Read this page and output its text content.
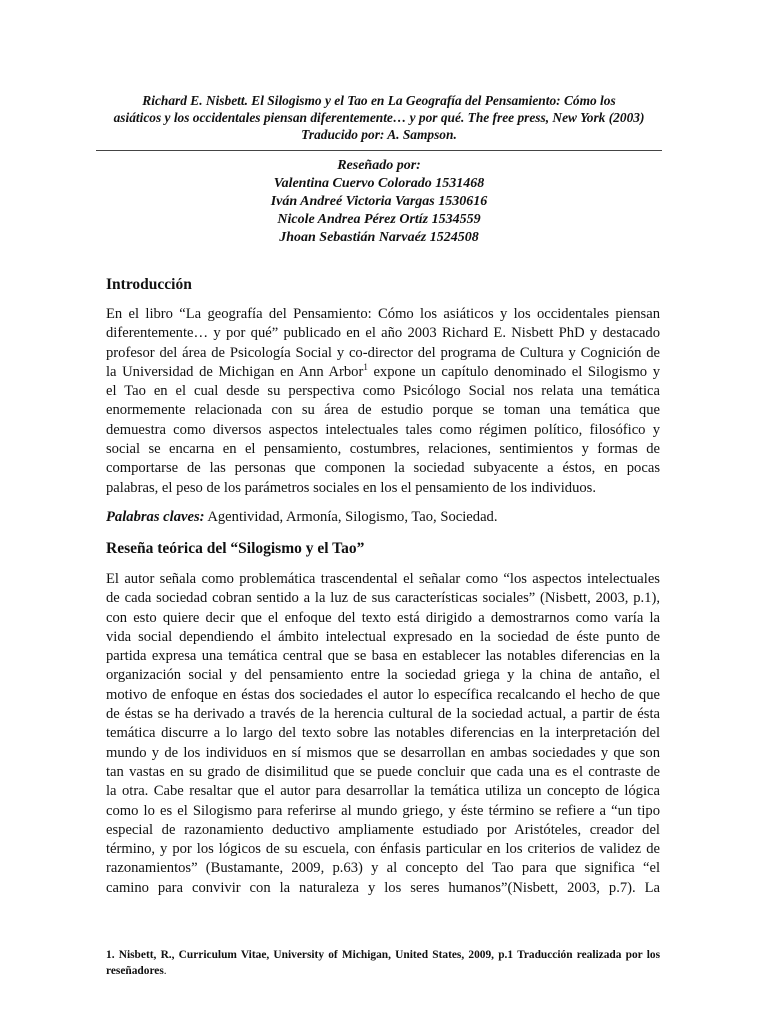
Richard E. Nisbett. El Silogismo y el Tao en La Geografía del Pensamiento: Cómo los
asiáticos y los occidentales piensan diferentemente… y por qué. The free press, New York (2003)
Traducido por: A. Sampson.
Reseñado por:
Valentina Cuervo Colorado 1531468
Iván Andreé Victoria Vargas 1530616
Nicole Andrea Pérez Ortíz 1534559
Jhoan Sebastián Narvaéz 1524508
Introducción
En el libro “La geografía del Pensamiento: Cómo los asiáticos y los occidentales piensan
diferentemente… y por qué” publicado en el año 2003 Richard E. Nisbett PhD y destacado
profesor del área de Psicología Social y co-director del programa de Cultura y Cognición de
la Universidad de Michigan en Ann Arbor$^1$ expone un capítulo denominado el Silogismo y
el Tao en el cual desde su perspectiva como Psicólogo Social nos relata una temática
enormemente relacionada con su área de estudio porque se toman una temática que
demuestra como diversos aspectos intelectuales tales como régimen político, filosófico y
social se encarna en el pensamiento, costumbres, relaciones, sentimientos y formas de
comportarse de las personas que componen la sociedad subyacente a éstos, en pocas
palabras, el peso de los parámetros sociales en los el pensamiento de los individuos.
Palabras claves: Agentividad, Armonía, Silogismo, Tao, Sociedad.
Reseña teórica del “Silogismo y el Tao”
El autor señala como problemática trascendental el señalar como “los aspectos intelectuales
de cada sociedad cobran sentido a la luz de sus características sociales” (Nisbett, 2003, p.1),
con esto quiere decir que el enfoque del texto está dirigido a demostrarnos como varía la
vida social dependiendo el ámbito intelectual expresado en la sociedad de éste punto de
partida expresa una temática central que se basa en establecer las notables diferencias en la
organización social y del pensamiento entre la sociedad griega y la china de antaño, el
motivo de enfoque en éstas dos sociedades el autor lo específica recalcando el hecho de que
de éstas se ha derivado a través de la herencia cultural de la sociedad actual, a partir de ésta
temática discurre a lo largo del texto sobre las notables diferencias en la interpretación del
mundo y de los individuos en sí mismos que se desarrollan en ambas sociedades y que son
tan vastas en su grado de disimilitud que se puede concluir que cada una es el contraste de
la otra. Cabe resaltar que el autor para desarrollar la temática utiliza un concepto de lógica
como lo es el Silogismo para referirse al mundo griego, y éste término se refiere a “un tipo
especial de razonamiento deductivo ampliamente estudiado por Aristóteles, creador del
término, y por los lógicos de su escuela, con énfasis particular en los criterios de validez de
razonamientos” (Bustamante, 2009, p.63) y al concepto del Tao para que significa “el
camino para convivir con la naturaleza y los seres humanos”(Nisbett, 2003, p.7). La
1. Nisbett, R., Curriculum Vitae, University of Michigan, United States, 2009, p.1 Traducción realizada por los reseñadores.
